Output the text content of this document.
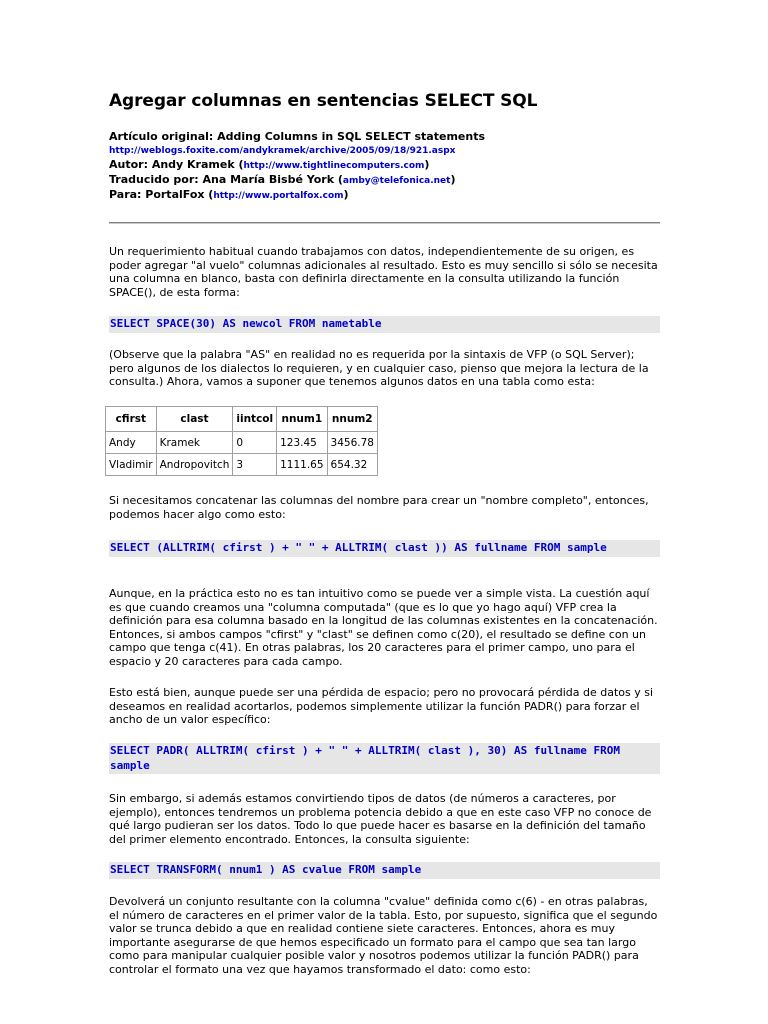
Agregar columnas en sentencias SELECT SQL
Artículo original: Adding Columns in SQL SELECT statements
http://weblogs.foxite.com/andykramek/archive/2005/09/18/921.aspx
Autor: Andy Kramek (http://www.tightlinecomputers.com)
Traducido por: Ana María Bisbé York (amby@telefonica.net)
Para: PortalFox (http://www.portalfox.com)

Un requerimiento habitual cuando trabajamos con datos, independientemente de su origen, es poder agregar "al vuelo" columnas adicionales al resultado. Esto es muy sencillo si sólo se necesita una columna en blanco, basta con definirla directamente en la consulta utilizando la función SPACE(), de esta forma:

SELECT SPACE(30) AS newcol FROM nametable

(Observe que la palabra "AS" en realidad no es requerida por la sintaxis de VFP (o SQL Server); pero algunos de los dialectos lo requieren, y en cualquier caso, pienso que mejora la lectura de la consulta.) Ahora, vamos a suponer que tenemos algunos datos en una tabla como esta:

cfirst	clast	iintcol	nnum1	nnum2
Andy	Kramek	0	123.45	3456.78
Vladimir	Andropovitch	3	1111.65	654.32

Si necesitamos concatenar las columnas del nombre para crear un "nombre completo", entonces, podemos hacer algo como esto:

SELECT (ALLTRIM( cfirst ) + " " + ALLTRIM( clast )) AS fullname FROM sample

Aunque, en la práctica esto no es tan intuitivo como se puede ver a simple vista. La cuestión aquí es que cuando creamos una "columna computada" (que es lo que yo hago aquí) VFP crea la definición para esa columna basado en la longitud de las columnas existentes en la concatenación. Entonces, si ambos campos "cfirst" y "clast" se definen como c(20), el resultado se define con un campo que tenga c(41). En otras palabras, los 20 caracteres para el primer campo, uno para el espacio y 20 caracteres para cada campo.

Esto está bien, aunque puede ser una pérdida de espacio; pero no provocará pérdida de datos y si deseamos en realidad acortarlos, podemos simplemente utilizar la función PADR() para forzar el ancho de un valor específico:

SELECT PADR( ALLTRIM( cfirst ) + " " + ALLTRIM( clast ), 30) AS fullname FROM sample

Sin embargo, si además estamos convirtiendo tipos de datos (de números a caracteres, por ejemplo), entonces tendremos un problema potencia debido a que en este caso VFP no conoce de qué largo pudieran ser los datos. Todo lo que puede hacer es basarse en la definición del tamaño del primer elemento encontrado. Entonces, la consulta siguiente:

SELECT TRANSFORM( nnum1 ) AS cvalue FROM sample

Devolverá un conjunto resultante con la columna "cvalue" definida como c(6) - en otras palabras, el número de caracteres en el primer valor de la tabla. Esto, por supuesto, significa que el segundo valor se trunca debido a que en realidad contiene siete caracteres. Entonces, ahora es muy importante asegurarse de que hemos especificado un formato para el campo que sea tan largo como para manipular cualquier posible valor y nosotros podemos utilizar la función PADR() para controlar el formato una vez que hayamos transformado el dato: como esto:
